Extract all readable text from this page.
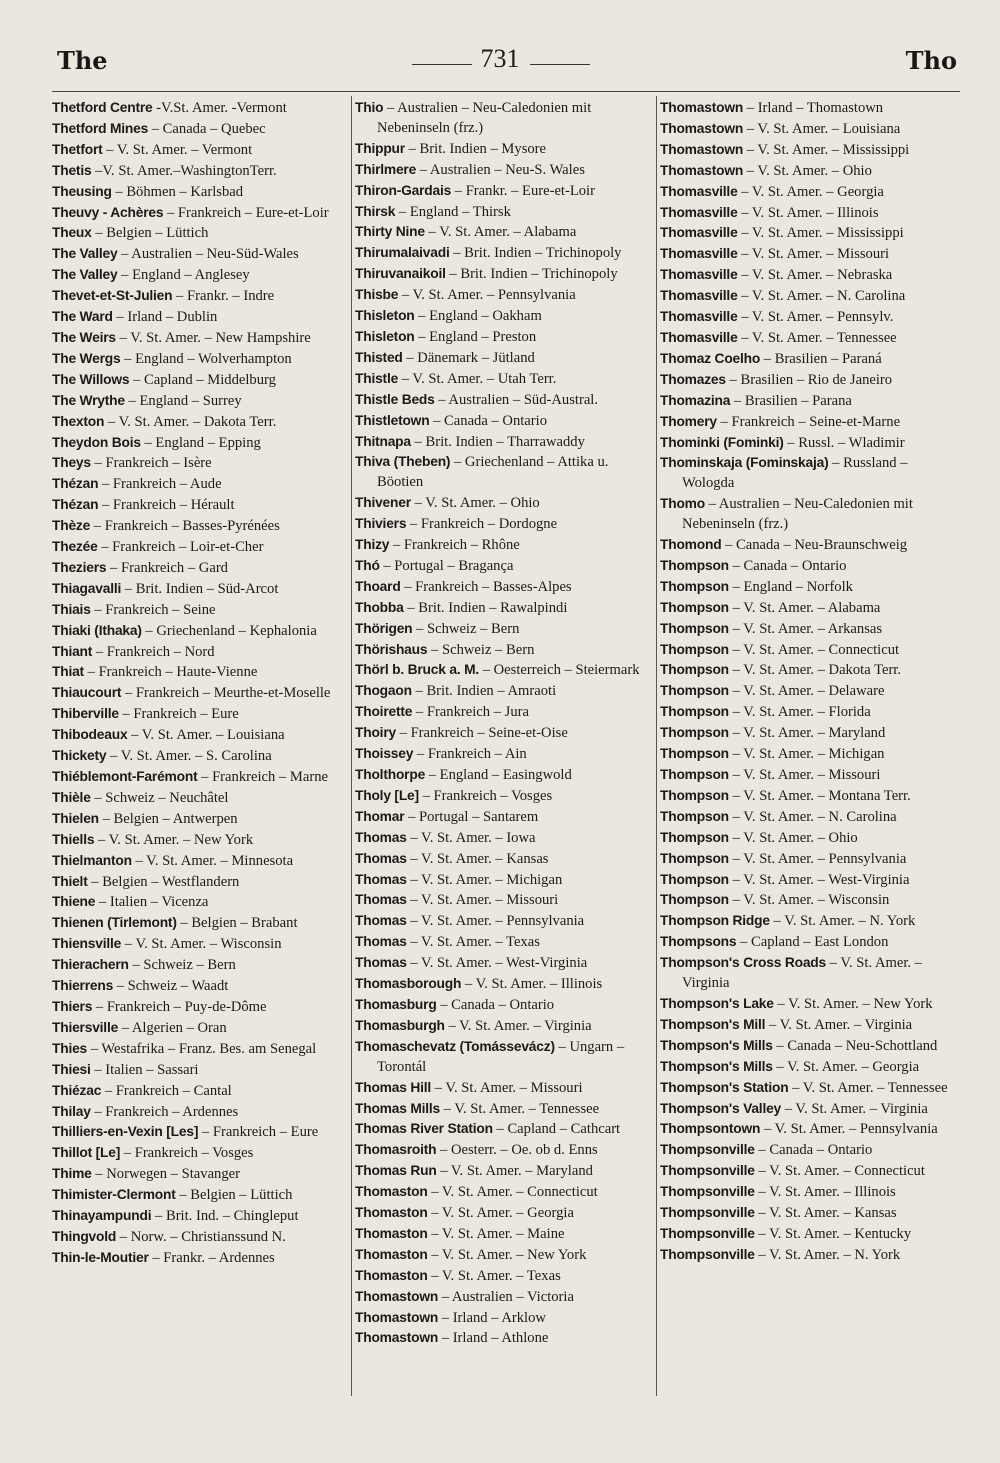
The	731	Tho
Thetford Centre -V.St. Amer. -Vermont
Thetford Mines – Canada – Quebec
Thetfort – V. St. Amer. – Vermont
Thetis –V. St. Amer.–WashingtonTerr.
Theusing – Böhmen – Karlsbad
Theuvy - Achères – Frankreich – Eure-et-Loir
Theux – Belgien – Lüttich
The Valley – Australien – Neu-Süd-Wales
The Valley – England – Anglesey
Thevet-et-St-Julien – Frankr. – Indre
The Ward – Irland – Dublin
The Weirs – V. St. Amer. – New Hampshire
The Wergs – England – Wolverhampton
The Willows – Capland – Middelburg
The Wrythe – England – Surrey
Thexton – V. St. Amer. – Dakota Terr.
Theydon Bois – England – Epping
Theys – Frankreich – Isère
Thézan – Frankreich – Aude
Thézan – Frankreich – Hérault
Thèze – Frankreich – Basses-Pyrénées
Thezée – Frankreich – Loir-et-Cher
Theziers – Frankreich – Gard
Thiagavalli – Brit. Indien – Süd-Arcot
Thiais – Frankreich – Seine
Thiaki (Ithaka) – Griechenland – Kephalonia
Thiant – Frankreich – Nord
Thiat – Frankreich – Haute-Vienne
Thiaucourt – Frankreich – Meurthe-et-Moselle
Thiberville – Frankreich – Eure
Thibodeaux – V. St. Amer. – Louisiana
Thickety – V. St. Amer. – S. Carolina
Thiéblemont-Farémont – Frankreich – Marne
Thièle – Schweiz – Neuchâtel
Thielen – Belgien – Antwerpen
Thiells – V. St. Amer. – New York
Thielmanton – V. St. Amer. – Minnesota
Thielt – Belgien – Westflandern
Thiene – Italien – Vicenza
Thienen (Tirlemont) – Belgien – Brabant
Thiensville – V. St. Amer. – Wisconsin
Thierachern – Schweiz – Bern
Thierrens – Schweiz – Waadt
Thiers – Frankreich – Puy-de-Dôme
Thiersville – Algerien – Oran
Thies – Westafrika – Franz. Bes. am Senegal
Thiesi – Italien – Sassari
Thiézac – Frankreich – Cantal
Thilay – Frankreich – Ardennes
Thilliers-en-Vexin [Les] – Frankreich – Eure
Thillot [Le] – Frankreich – Vosges
Thime – Norwegen – Stavanger
Thimister-Clermont – Belgien – Lüttich
Thinayampundi – Brit. Ind. – Chingleput
Thingvold – Norw. – Christianssund N.
Thin-le-Moutier – Frankr. – Ardennes
Thio – Australien – Neu-Caledonien mit Nebeninseln (frz.)
Thippur – Brit. Indien – Mysore
Thirlmere – Australien – Neu-S. Wales
Thiron-Gardais – Frankr. – Eure-et-Loir
Thirsk – England – Thirsk
Thirty Nine – V. St. Amer. – Alabama
Thirumalaivadi – Brit. Indien – Trichinopoly
Thiruvanaikoil – Brit. Indien – Trichinopoly
Thisbe – V. St. Amer. – Pennsylvania
Thisleton – England – Oakham
Thisleton – England – Preston
Thisted – Dänemark – Jütland
Thistle – V. St. Amer. – Utah Terr.
Thistle Beds – Australien – Süd-Austral.
Thistletown – Canada – Ontario
Thitnapa – Brit. Indien – Tharrawaddy
Thiva (Theben) – Griechenland – Attika u. Böotien
Thivener – V. St. Amer. – Ohio
Thiviers – Frankreich – Dordogne
Thizy – Frankreich – Rhône
Thó – Portugal – Bragança
Thoard – Frankreich – Basses-Alpes
Thobba – Brit. Indien – Rawalpindi
Thörigen – Schweiz – Bern
Thörishaus – Schweiz – Bern
Thörl b. Bruck a. M. – Oesterreich – Steiermark
Thogaon – Brit. Indien – Amraoti
Thoirette – Frankreich – Jura
Thoiry – Frankreich – Seine-et-Oise
Thoissey – Frankreich – Ain
Tholthorpe – England – Easingwold
Tholy [Le] – Frankreich – Vosges
Thomar – Portugal – Santarem
Thomas – V. St. Amer. – Iowa
Thomas – V. St. Amer. – Kansas
Thomas – V. St. Amer. – Michigan
Thomas – V. St. Amer. – Missouri
Thomas – V. St. Amer. – Pennsylvania
Thomas – V. St. Amer. – Texas
Thomas – V. St. Amer. – West-Virginia
Thomasborough – V. St. Amer. – Illinois
Thomasburg – Canada – Ontario
Thomasburgh – V. St. Amer. – Virginia
Thomaschevatz (Tomássevácz) – Ungarn – Torontál
Thomas Hill – V. St. Amer. – Missouri
Thomas Mills – V. St. Amer. – Tennessee
Thomas River Station – Capland – Cathcart
Thomasroith – Oesterr. – Oe. ob d. Enns
Thomas Run – V. St. Amer. – Maryland
Thomaston – V. St. Amer. – Connecticut
Thomaston – V. St. Amer. – Georgia
Thomaston – V. St. Amer. – Maine
Thomaston – V. St. Amer. – New York
Thomaston – V. St. Amer. – Texas
Thomastown – Australien – Victoria
Thomastown – Irland – Arklow
Thomastown – Irland – Athlone
Thomastown – Irland – Thomastown
Thomastown – V. St. Amer. – Louisiana
Thomastown – V. St. Amer. – Mississippi
Thomastown – V. St. Amer. – Ohio
Thomasville – V. St. Amer. – Georgia
Thomasville – V. St. Amer. – Illinois
Thomasville – V. St. Amer. – Mississippi
Thomasville – V. St. Amer. – Missouri
Thomasville – V. St. Amer. – Nebraska
Thomasville – V. St. Amer. – N. Carolina
Thomasville – V. St. Amer. – Pennsylv.
Thomasville – V. St. Amer. – Tennessee
Thomaz Coelho – Brasilien – Paraná
Thomazes – Brasilien – Rio de Janeiro
Thomazina – Brasilien – Parana
Thomery – Frankreich – Seine-et-Marne
Thominki (Fominki) – Russl. – Wladimir
Thominskaja (Fominskaja) – Russland – Wologda
Thomo – Australien – Neu-Caledonien mit Nebeninseln (frz.)
Thomond – Canada – Neu-Braunschweig
Thompson – Canada – Ontario
Thompson – England – Norfolk
Thompson – V. St. Amer. – Alabama
Thompson – V. St. Amer. – Arkansas
Thompson – V. St. Amer. – Connecticut
Thompson – V. St. Amer. – Dakota Terr.
Thompson – V. St. Amer. – Delaware
Thompson – V. St. Amer. – Florida
Thompson – V. St. Amer. – Maryland
Thompson – V. St. Amer. – Michigan
Thompson – V. St. Amer. – Missouri
Thompson – V. St. Amer. – Montana Terr.
Thompson – V. St. Amer. – N. Carolina
Thompson – V. St. Amer. – Ohio
Thompson – V. St. Amer. – Pennsylvania
Thompson – V. St. Amer. – West-Virginia
Thompson – V. St. Amer. – Wisconsin
Thompson Ridge – V. St. Amer. – N. York
Thompsons – Capland – East London
Thompson's Cross Roads – V. St. Amer. – Virginia
Thompson's Lake – V. St. Amer. – New York
Thompson's Mill – V. St. Amer. – Virginia
Thompson's Mills – Canada – Neu-Schottland
Thompson's Mills – V. St. Amer. – Georgia
Thompson's Station – V. St. Amer. – Tennessee
Thompson's Valley – V. St. Amer. – Virginia
Thompsontown – V. St. Amer. – Pennsylvania
Thompsonville – Canada – Ontario
Thompsonville – V. St. Amer. – Connecticut
Thompsonville – V. St. Amer. – Illinois
Thompsonville – V. St. Amer. – Kansas
Thompsonville – V. St. Amer. – Kentucky
Thompsonville – V. St. Amer. – N. York
